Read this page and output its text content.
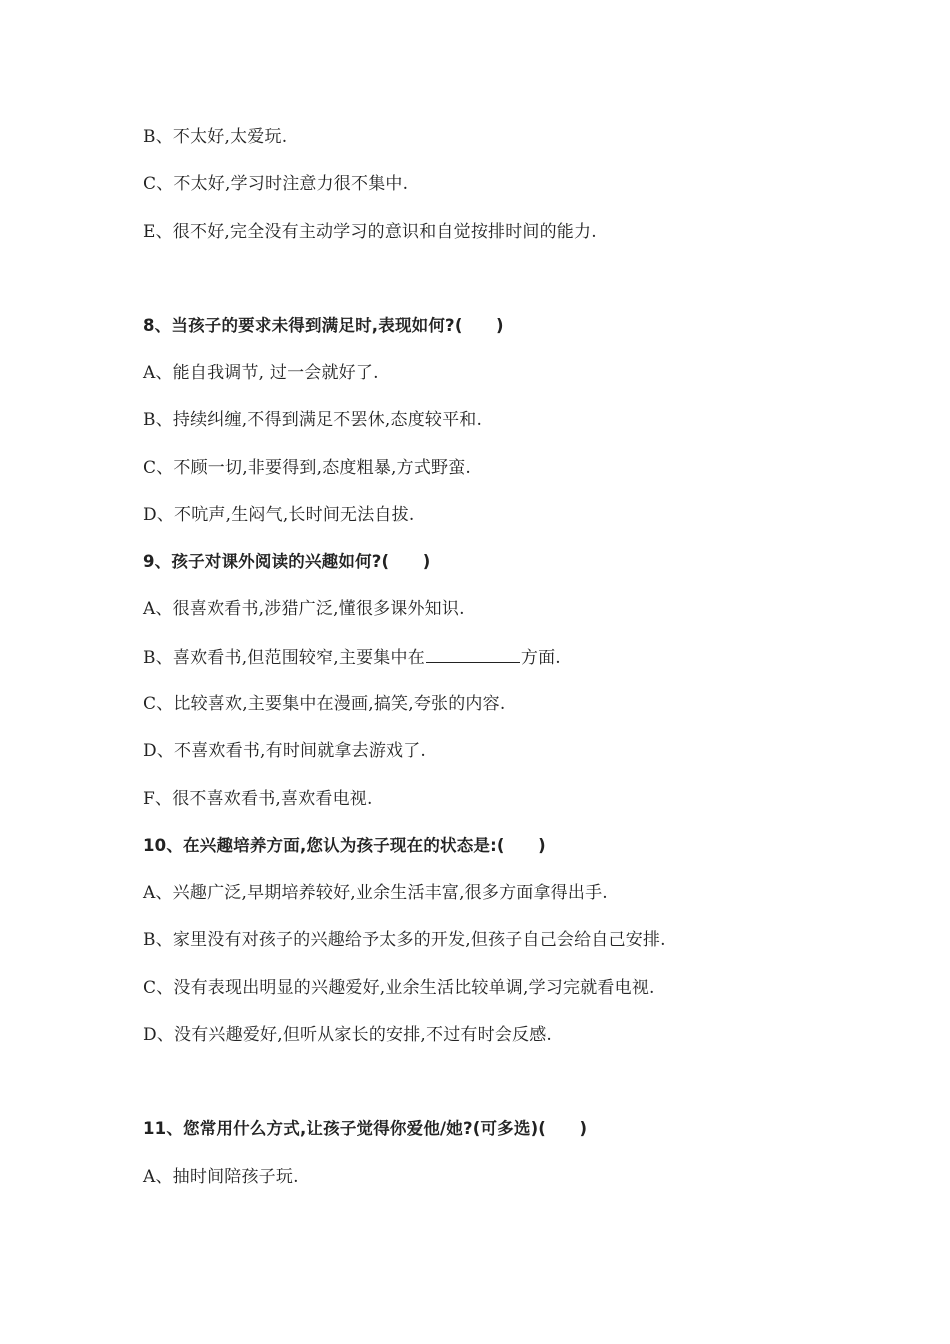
B、不太好,太爱玩.
C、不太好,学习时注意力很不集中.
E、很不好,完全没有主动学习的意识和自觉按排时间的能力.
8、当孩子的要求未得到满足时,表现如何?(　　)
A、能自我调节, 过一会就好了.
B、持续纠缠,不得到满足不罢休,态度较平和.
C、不顾一切,非要得到,态度粗暴,方式野蛮.
D、不吭声,生闷气,长时间无法自拔.
9、孩子对课外阅读的兴趣如何?(　　)
A、很喜欢看书,涉猎广泛,懂很多课外知识.
B、喜欢看书,但范围较窄,主要集中在	方面.
C、比较喜欢,主要集中在漫画,搞笑,夸张的内容.
D、不喜欢看书,有时间就拿去游戏了.
F、很不喜欢看书,喜欢看电视.
10、在兴趣培养方面,您认为孩子现在的状态是:(　　)
A、兴趣广泛,早期培养较好,业余生活丰富,很多方面拿得出手.
B、家里没有对孩子的兴趣给予太多的开发,但孩子自己会给自己安排.
C、没有表现出明显的兴趣爱好,业余生活比较单调,学习完就看电视.
D、没有兴趣爱好,但听从家长的安排,不过有时会反感.
11、您常用什么方式,让孩子觉得你爱他/她?(可多选)(　　)
A、抽时间陪孩子玩.
